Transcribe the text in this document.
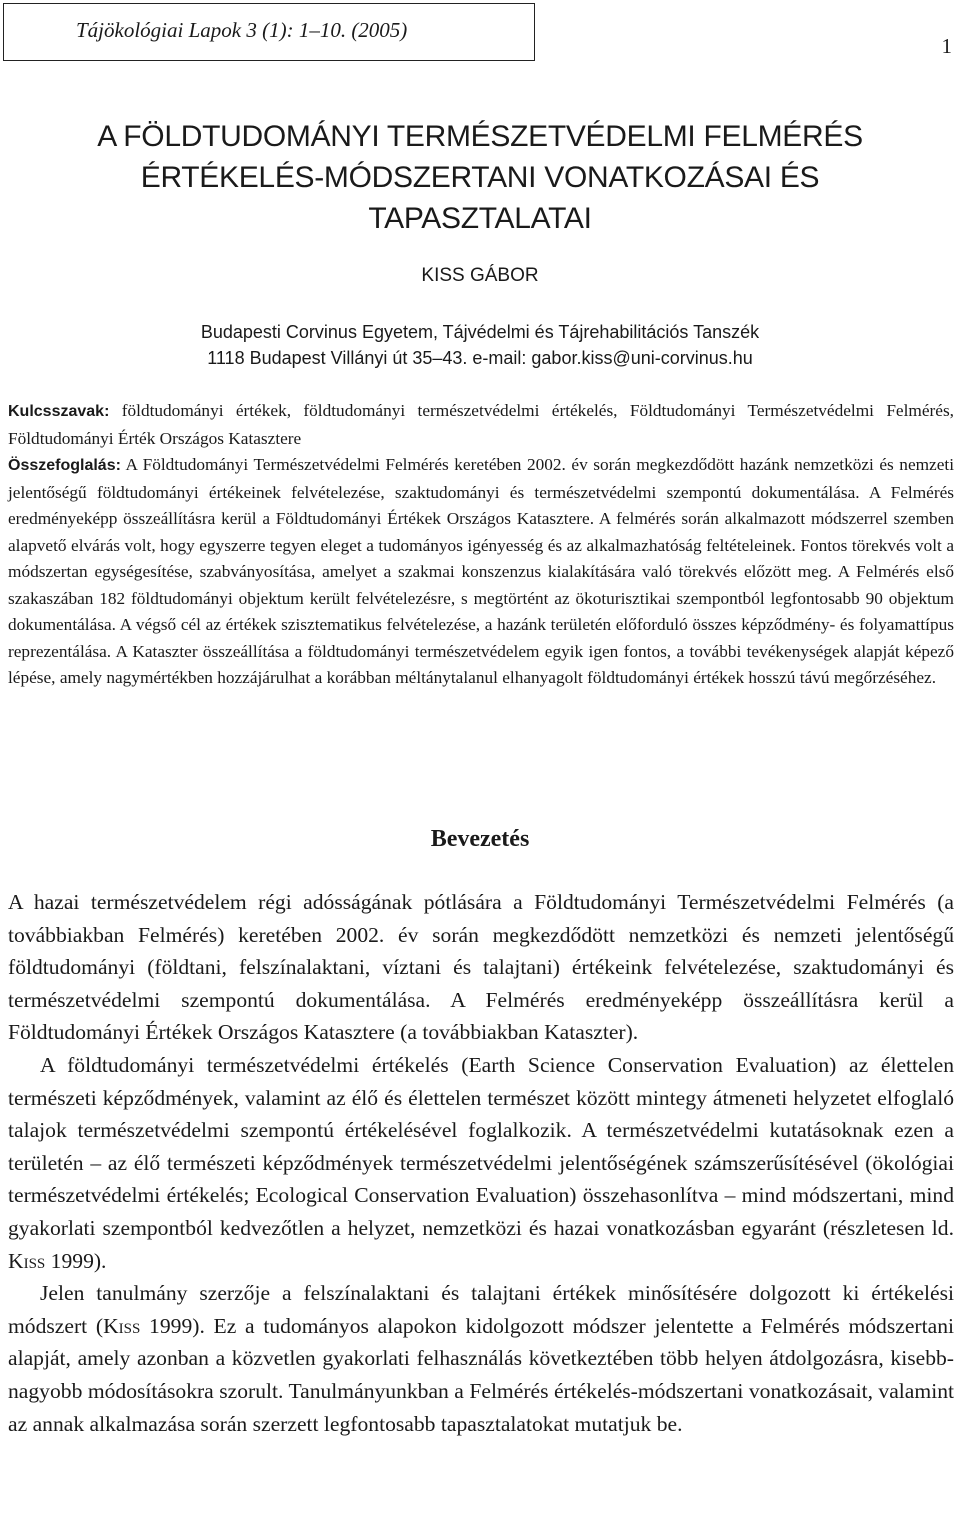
Tájökológiai Lapok 3 (1): 1–10. (2005)
1
A FÖLDTUDOMÁNYI TERMÉSZETVÉDELMI FELMÉRÉS
ÉRTÉKELÉS-MÓDSZERTANI VONATKOZÁSAI ÉS
TAPASZTALATAI
KISS GÁBOR
Budapesti Corvinus Egyetem, Tájvédelmi és Tájrehabilitációs Tanszék
1118 Budapest Villányi út 35–43. e-mail: gabor.kiss@uni-corvinus.hu

Kulcsszavak: földtudományi értékek, földtudományi természetvédelmi értékelés, Földtudományi Természetvédelmi Felmérés, Földtudományi Érték Országos Katasztere

Összefoglalás: A Földtudományi Természetvédelmi Felmérés keretében 2002. év során megkezdődött hazánk nemzetközi és nemzeti jelentőségű földtudományi értékeinek felvételezése, szaktudományi és természetvédelmi szempontú dokumentálása. A Felmérés eredményeképp összeállításra kerül a Földtudományi Értékek Országos Katasztere. A felmérés során alkalmazott módszerrel szemben alapvető elvárás volt, hogy egyszerre tegyen eleget a tudományos igényesség és az alkalmazhatóság feltételeinek. Fontos törekvés volt a módszertan egységesítése, szabványosítása, amelyet a szakmai konszenzus kialakítására való törekvés előzött meg. A Felmérés első szakaszában 182 földtudományi objektum került felvételezésre, s megtörtént az ökoturisztikai szempontból legfontosabb 90 objektum dokumentálása. A végső cél az értékek szisztematikus felvételezése, a hazánk területén előforduló összes képződmény- és folyamattípus reprezentálása. A Kataszter összeállítása a földtudományi természetvédelem egyik igen fontos, a további tevékenységek alapját képező lépése, amely nagymértékben hozzájárulhat a korábban méltánytalanul elhanyagolt földtudományi értékek hosszú távú megőrzéséhez.

Bevezetés

A hazai természetvédelem régi adósságának pótlására a Földtudományi Természetvédelmi Felmérés (a továbbiakban Felmérés) keretében 2002. év során megkezdődött nemzetközi és nemzeti jelentőségű földtudományi (földtani, felszínalaktani, víztani és talajtani) értékeink felvételezése, szaktudományi és természetvédelmi szempontú dokumentálása. A Felmérés eredményeképp összeállításra kerül a Földtudományi Értékek Országos Katasztere (a továbbiakban Kataszter).

A földtudományi természetvédelmi értékelés (Earth Science Conservation Evaluation) az élettelen természeti képződmények, valamint az élő és élettelen természet között mintegy átmeneti helyzetet elfoglaló talajok természetvédelmi szempontú értékelésével foglalkozik. A természetvédelmi kutatásoknak ezen a területén – az élő természeti képződmények természetvédelmi jelentőségének számszerűsítésével (ökológiai természetvédelmi értékelés; Ecological Conservation Evaluation) összehasonlítva – mind módszertani, mind gyakorlati szempontból kedvezőtlen a helyzet, nemzetközi és hazai vonatkozásban egyaránt (részletesen ld. Kiss 1999).

Jelen tanulmány szerzője a felszínalaktani és talajtani értékek minősítésére dolgozott ki értékelési módszert (Kiss 1999). Ez a tudományos alapokon kidolgozott módszer jelentette a Felmérés módszertani alapját, amely azonban a közvetlen gyakorlati felhasználás következtében több helyen átdolgozásra, kisebb-nagyobb módosításokra szorult. Tanulmányunkban a Felmérés értékelés-módszertani vonatkozásait, valamint az annak alkalmazása során szerzett legfontosabb tapasztalatokat mutatjuk be.
